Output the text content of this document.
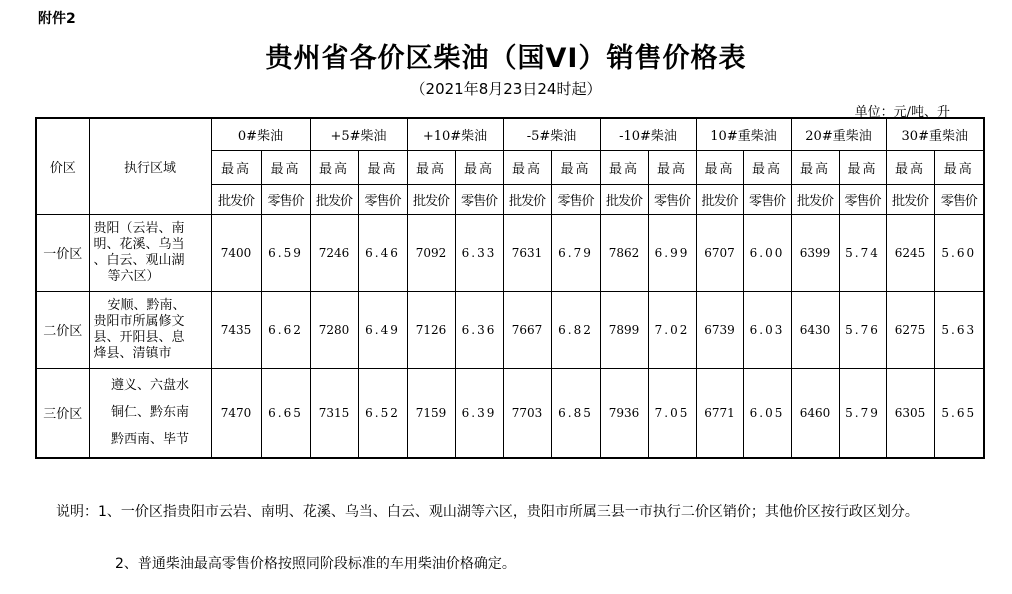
附件2
贵州省各价区柴油（国VI）销售价格表
（2021年8月23日24时起）
单位：元/吨、升
价区	执行区域	0#柴油		+5#柴油		+10#柴油		-5#柴油		-10#柴油		10#重柴油		20#重柴油		30#重柴油	
		最高	最高	最高	最高	最高	最高	最高	最高	最高	最高	最高	最高	最高	最高	最高	最高
		批发价	零售价	批发价	零售价	批发价	零售价	批发价	零售价	批发价	零售价	批发价	零售价	批发价	零售价	批发价	零售价
一价区	贵阳（云岩、南
明、花溪、乌当
、白云、观山湖
等六区）	7400	6.59	7246	6.46	7092	6.33	7631	6.79	7862	6.99	6707	6.00	6399	5.74	6245	5.60
二价区	安顺、黔南、
贵阳市所属修文
县、开阳县、息
烽县、清镇市	7435	6.62	7280	6.49	7126	6.36	7667	6.82	7899	7.02	6739	6.03	6430	5.76	6275	5.63
三价区	遵义、六盘水
铜仁、黔东南
黔西南、毕节	7470	6.65	7315	6.52	7159	6.39	7703	6.85	7936	7.05	6771	6.05	6460	5.79	6305	5.65
说明：1、一价区指贵阳市云岩、南明、花溪、乌当、白云、观山湖等六区，贵阳市所属三县一市执行二价区销价；其他价区按行政区划分。
2、普通柴油最高零售价格按照同阶段标准的车用柴油价格确定。
